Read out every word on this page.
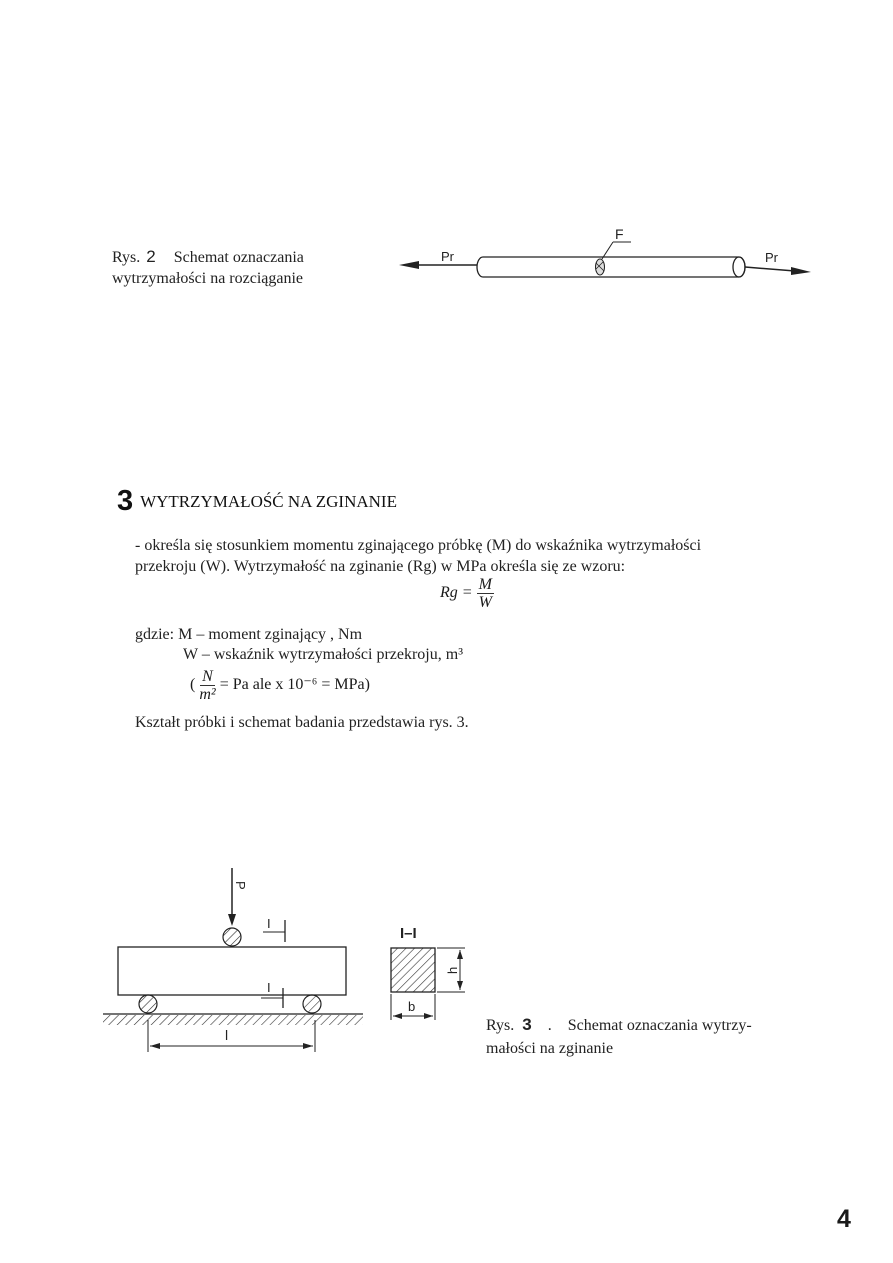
Rys. 2 Schemat oznaczania
wytrzymałości na rozciąganie
Pr
F
Pr
3 WYTRZYMAŁOŚĆ NA ZGINANIE
- określa się stosunkiem momentu zginającego próbkę (M) do wskaźnika wytrzymałości
przekroju (W). Wytrzymałość na zginanie (Rg) w MPa określa się ze wzoru:
$Rg = \frac{M}{W}$
gdzie: M – moment zginający , Nm
W – wskaźnik wytrzymałości przekroju, m³
( $\frac{N}{\text{m²}} = Pa$ ale x 10⁻⁶ = MPa)
Kształt próbki i schemat badania przedstawia rys. 3.
P
I
I
l
I–I
h
b
Rys. 3 . Schemat oznaczania wytrzy-
małości na zginanie
4
